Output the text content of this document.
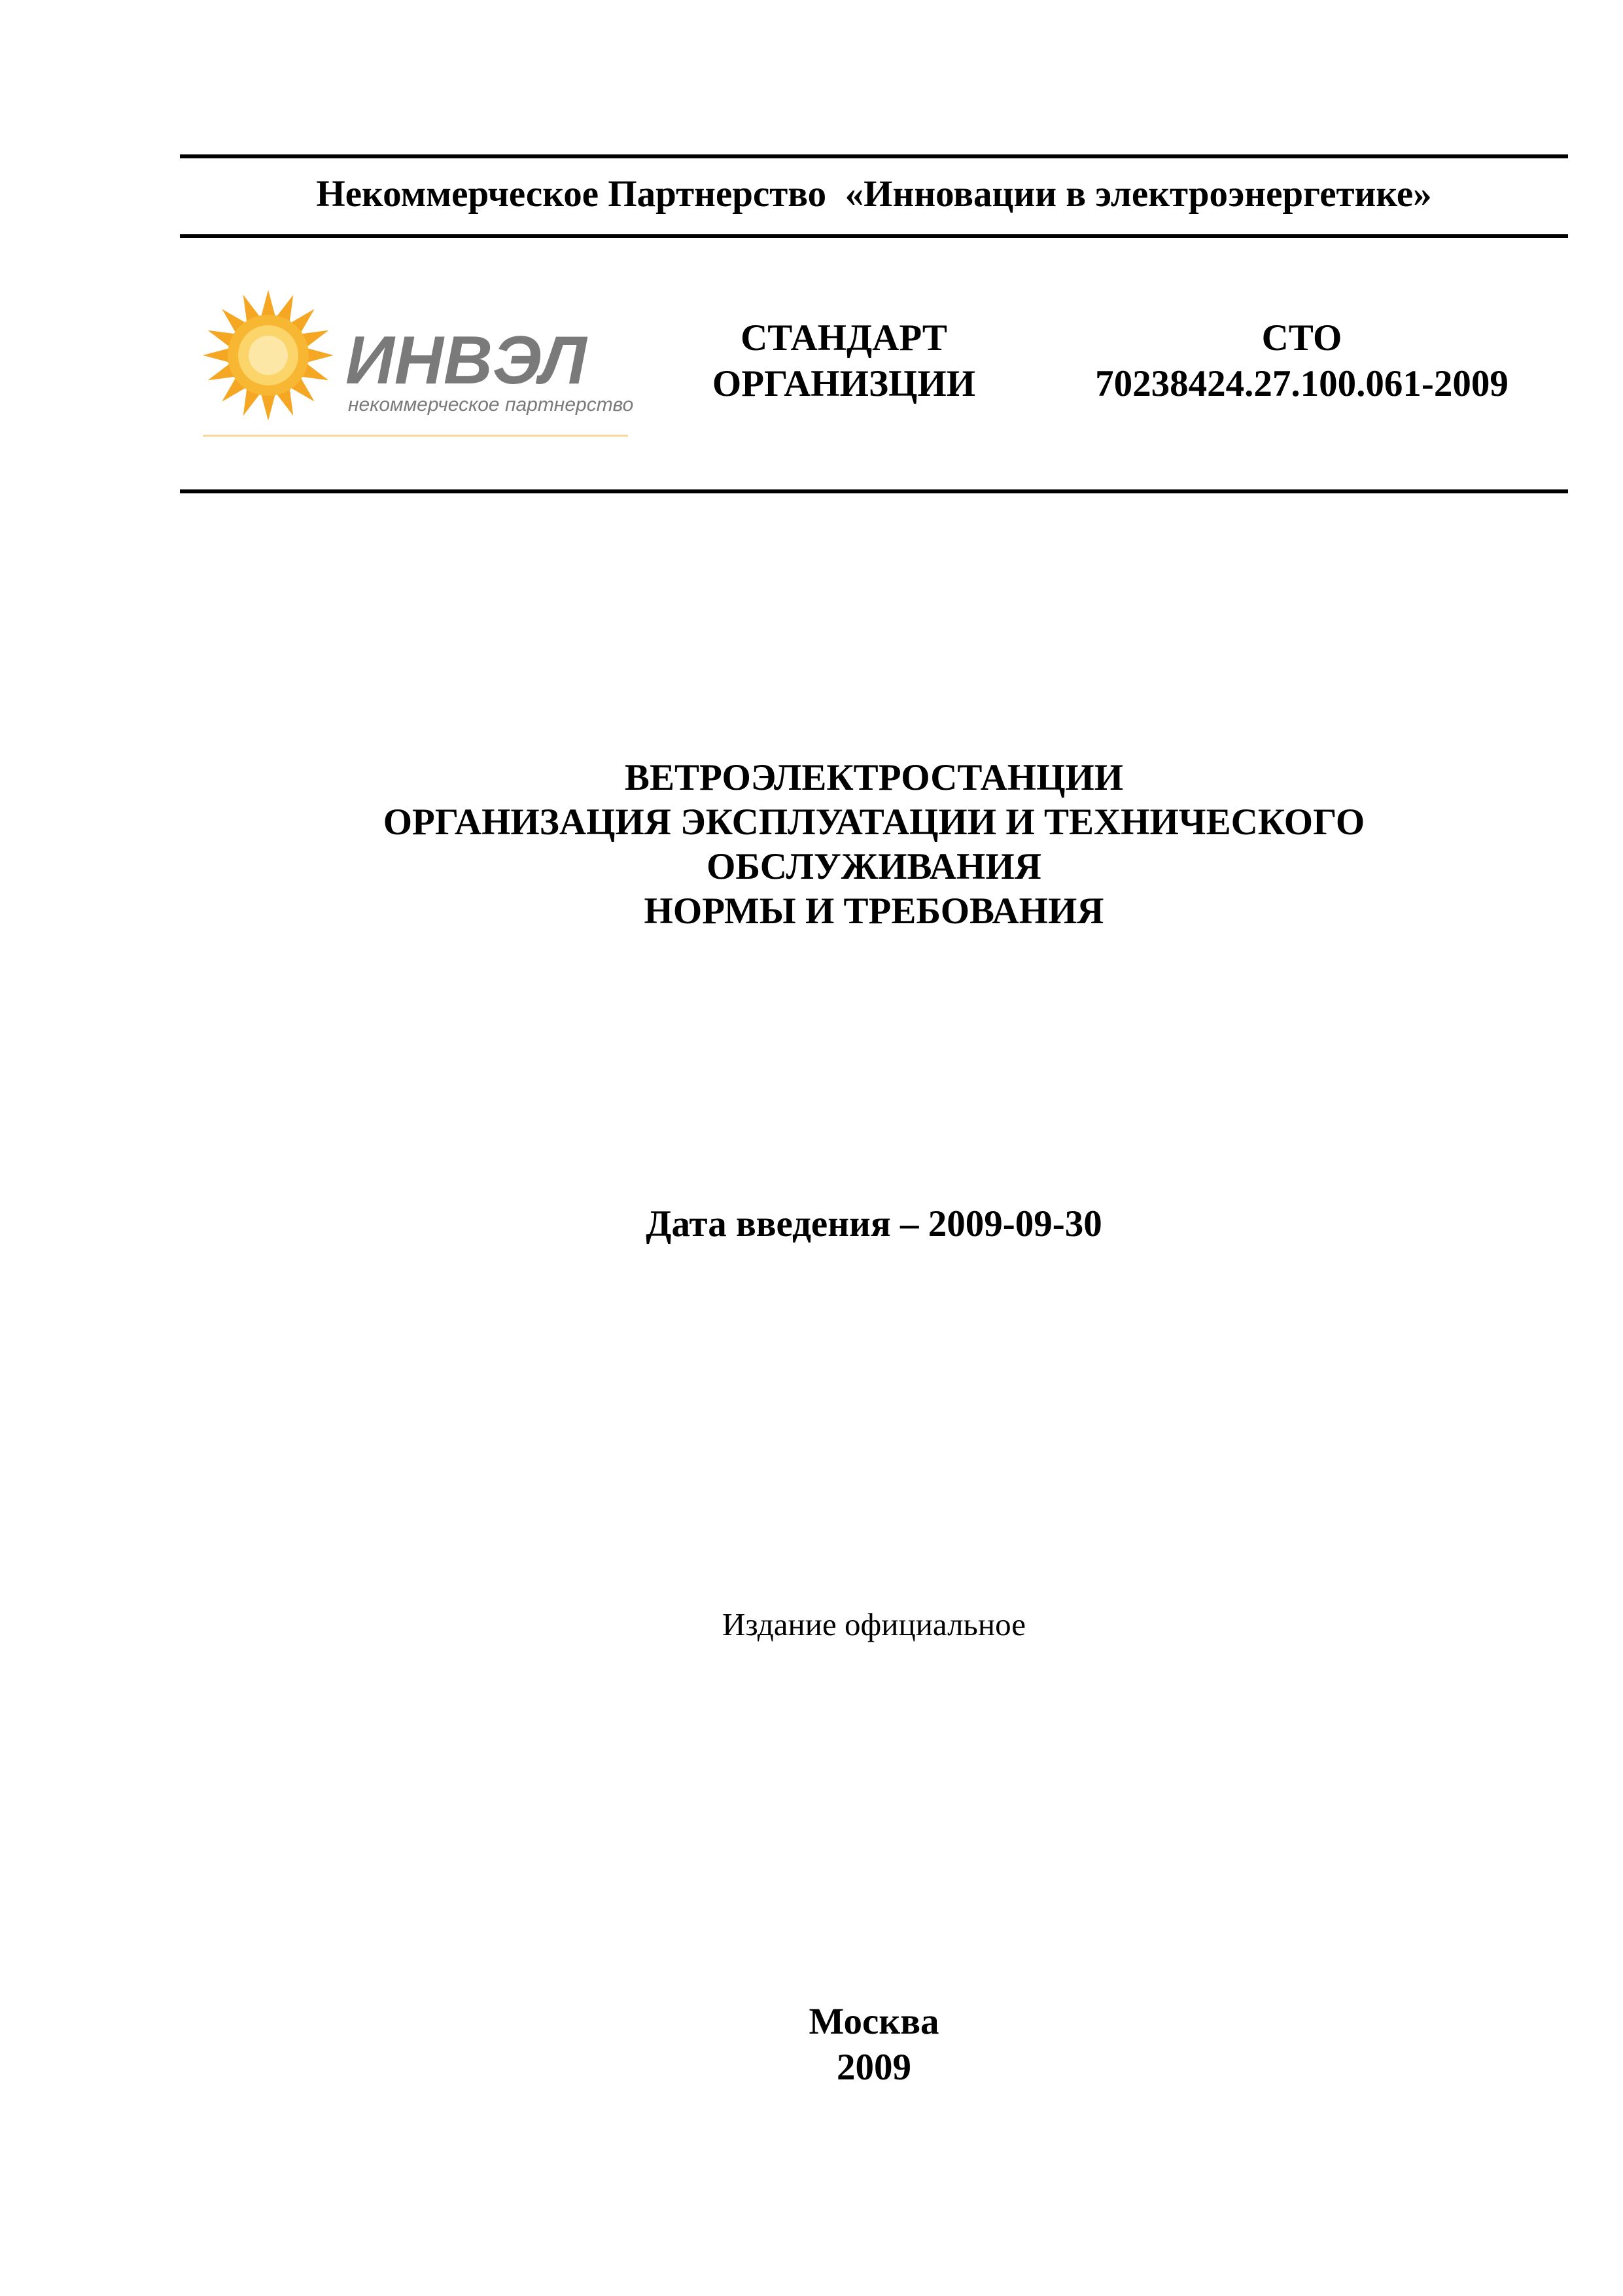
Некоммерческое Партнерство  «Инновации в электроэнергетике»
ИНВЭЛ
некоммерческое партнерство
СТАНДАРТ
ОРГАНИЗЦИИ
СТО
70238424.27.100.061-2009
ВЕТРОЭЛЕКТРОСТАНЦИИ
ОРГАНИЗАЦИЯ ЭКСПЛУАТАЦИИ И ТЕХНИЧЕСКОГО
ОБСЛУЖИВАНИЯ
НОРМЫ И ТРЕБОВАНИЯ
Дата введения – 2009-09-30
Издание официальное
Москва
2009
